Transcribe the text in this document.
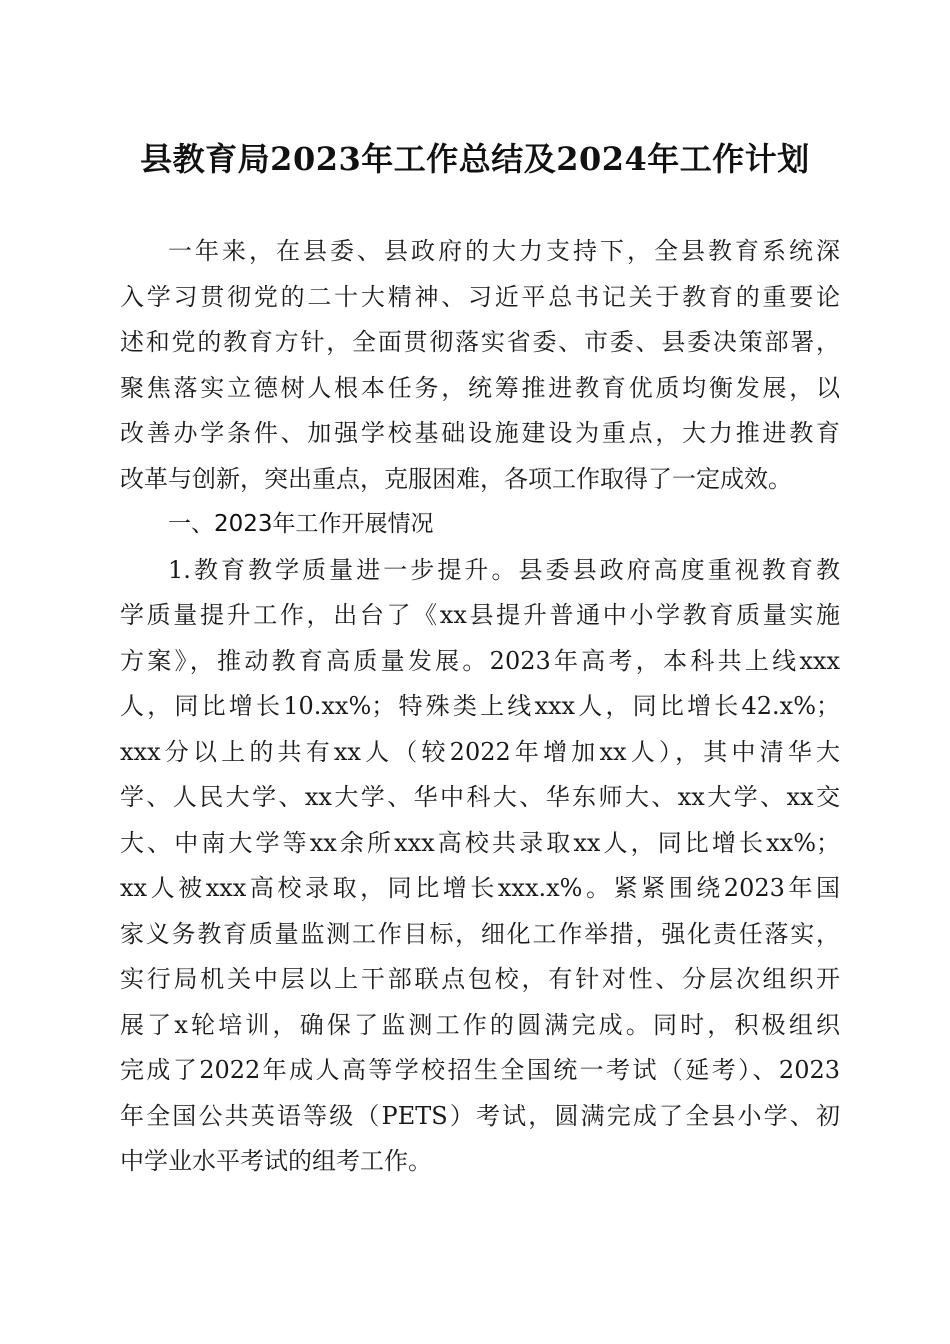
县教育局2023年工作总结及2024年工作计划
一年来，在县委、县政府的大力支持下，全县教育系统深
入学习贯彻党的二十大精神、习近平总书记关于教育的重要论
述和党的教育方针，全面贯彻落实省委、市委、县委决策部署，
聚焦落实立德树人根本任务，统筹推进教育优质均衡发展，以
改善办学条件、加强学校基础设施建设为重点，大力推进教育
改革与创新，突出重点，克服困难，各项工作取得了一定成效。
一、2023年工作开展情况
1.教育教学质量进一步提升。县委县政府高度重视教育教
学质量提升工作，出台了《xx县提升普通中小学教育质量实施
方案》，推动教育高质量发展。2023年高考，本科共上线xxx
人，同比增长10.xx%；特殊类上线xxx人，同比增长42.x%；
xxx分以上的共有xx人（较2022年增加xx人），其中清华大
学、人民大学、xx大学、华中科大、华东师大、xx大学、xx交
大、中南大学等xx余所xxx高校共录取xx人，同比增长xx%；
xx人被xxx高校录取，同比增长xxx.x%。紧紧围绕2023年国
家义务教育质量监测工作目标，细化工作举措，强化责任落实，
实行局机关中层以上干部联点包校，有针对性、分层次组织开
展了x轮培训，确保了监测工作的圆满完成。同时，积极组织
完成了2022年成人高等学校招生全国统一考试（延考）、2023
年全国公共英语等级（PETS）考试，圆满完成了全县小学、初
中学业水平考试的组考工作。
